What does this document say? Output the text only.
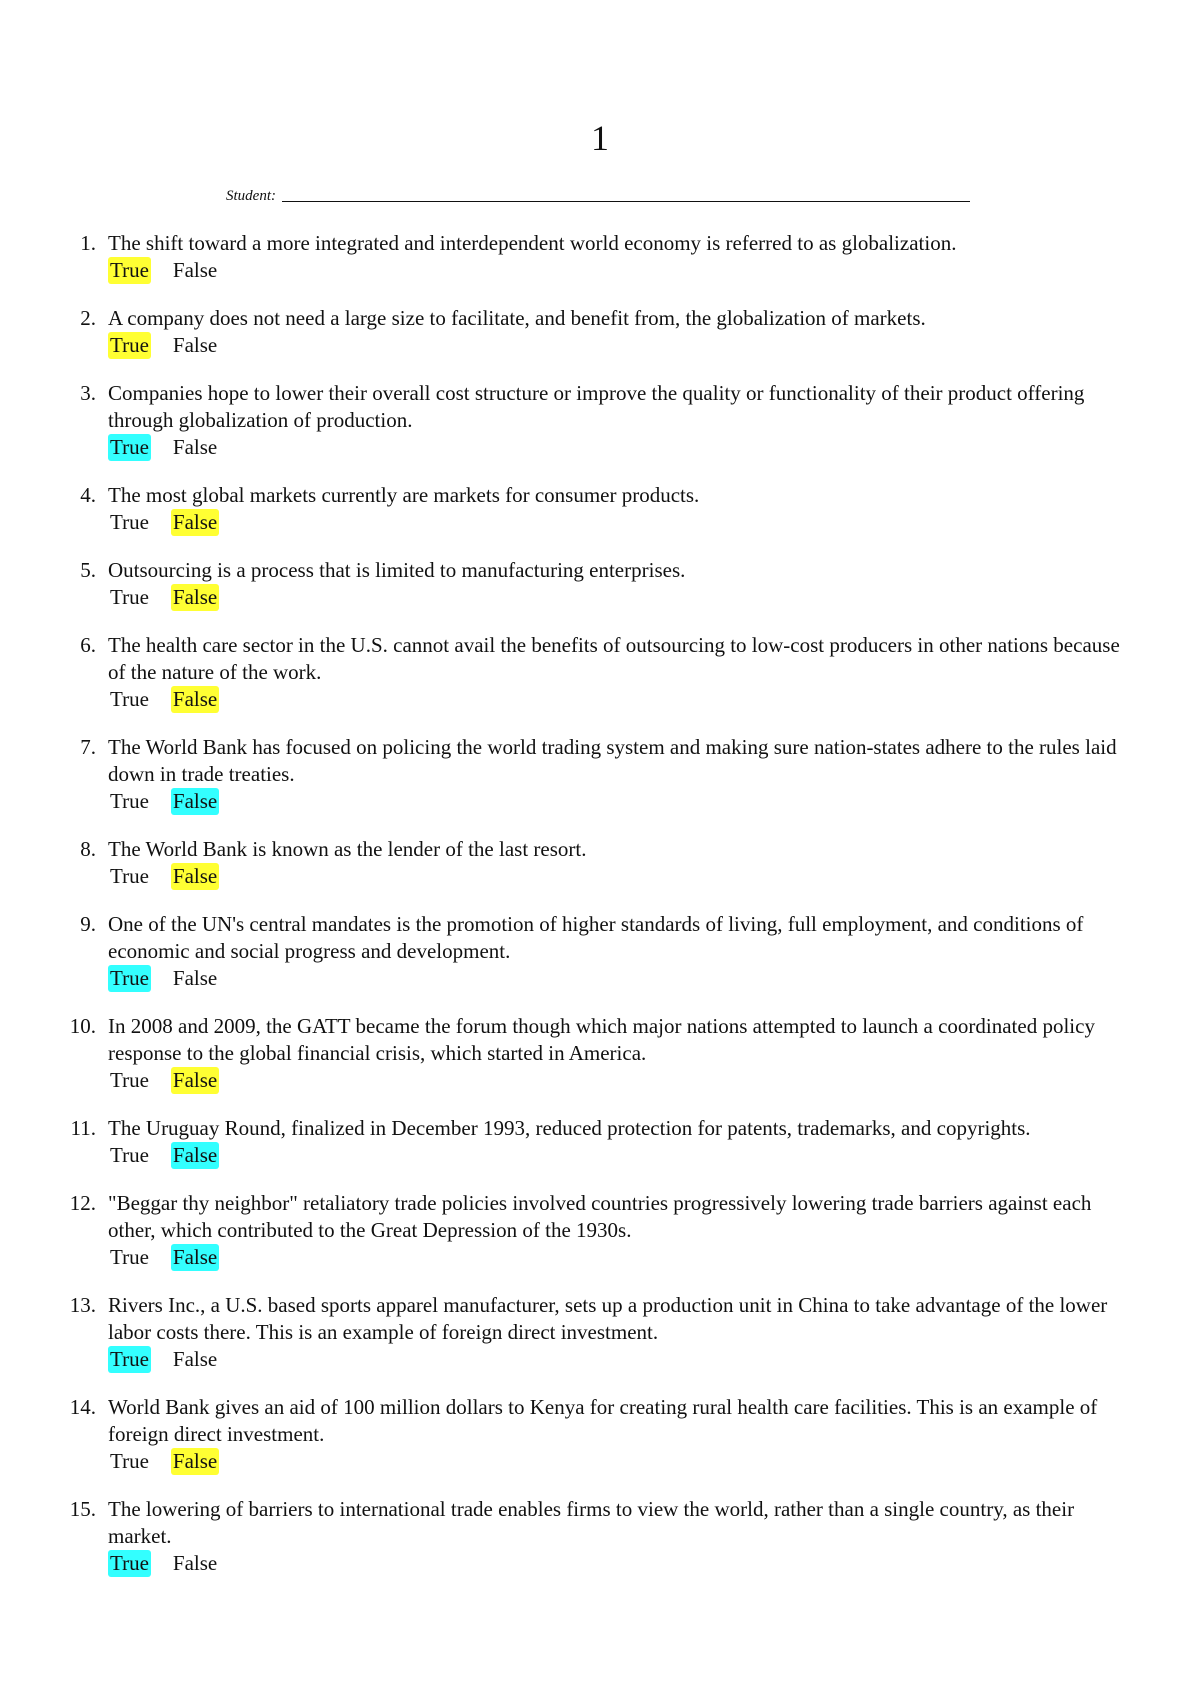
1
Student:
1. The shift toward a more integrated and interdependent world economy is referred to as globalization.
True False
2. A company does not need a large size to facilitate, and benefit from, the globalization of markets.
True False
3. Companies hope to lower their overall cost structure or improve the quality or functionality of their product offering through globalization of production.
True False
4. The most global markets currently are markets for consumer products.
True False
5. Outsourcing is a process that is limited to manufacturing enterprises.
True False
6. The health care sector in the U.S. cannot avail the benefits of outsourcing to low-cost producers in other nations because of the nature of the work.
True False
7. The World Bank has focused on policing the world trading system and making sure nation-states adhere to the rules laid down in trade treaties.
True False
8. The World Bank is known as the lender of the last resort.
True False
9. One of the UN's central mandates is the promotion of higher standards of living, full employment, and conditions of economic and social progress and development.
True False
10. In 2008 and 2009, the GATT became the forum though which major nations attempted to launch a coordinated policy response to the global financial crisis, which started in America.
True False
11. The Uruguay Round, finalized in December 1993, reduced protection for patents, trademarks, and copyrights.
True False
12. "Beggar thy neighbor" retaliatory trade policies involved countries progressively lowering trade barriers against each other, which contributed to the Great Depression of the 1930s.
True False
13. Rivers Inc., a U.S. based sports apparel manufacturer, sets up a production unit in China to take advantage of the lower labor costs there. This is an example of foreign direct investment.
True False
14. World Bank gives an aid of 100 million dollars to Kenya for creating rural health care facilities. This is an example of foreign direct investment.
True False
15. The lowering of barriers to international trade enables firms to view the world, rather than a single country, as their market.
True False
